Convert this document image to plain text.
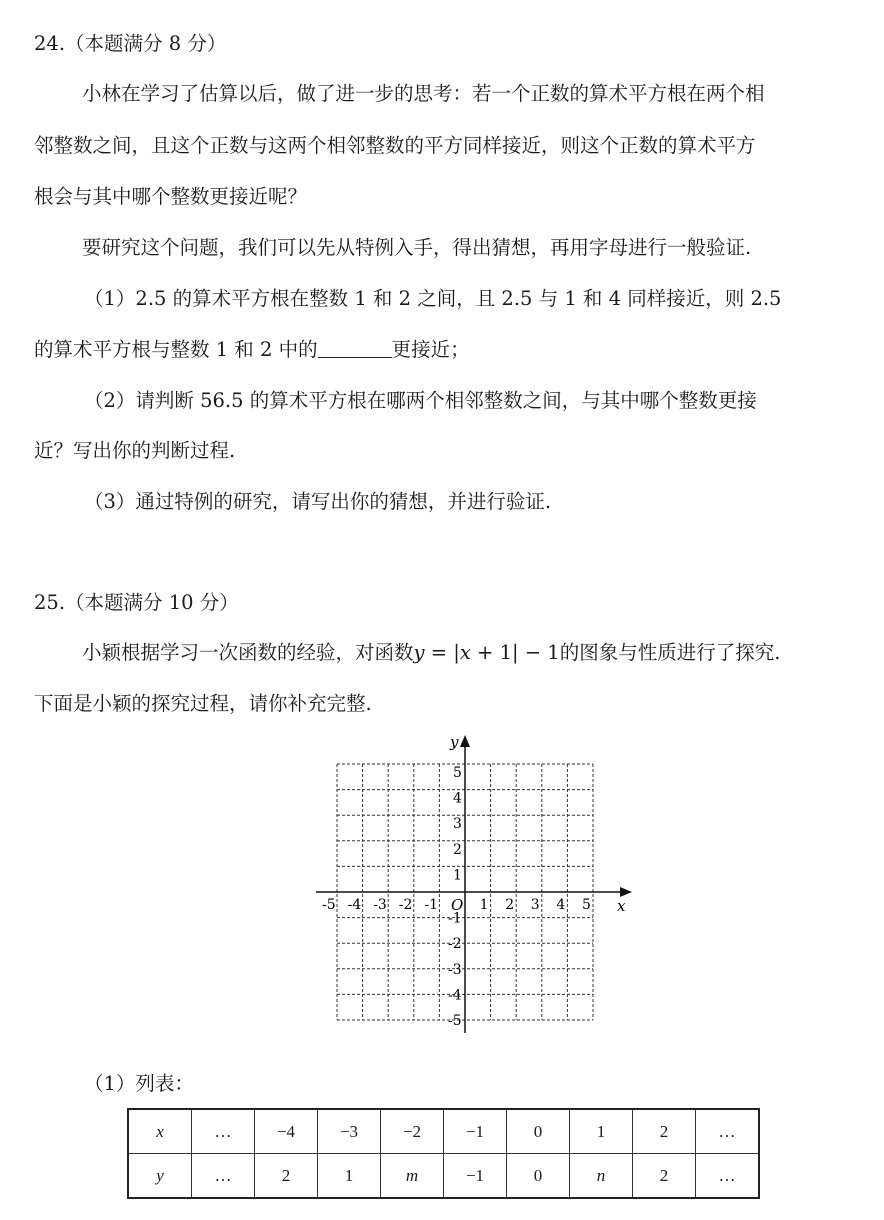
24.（本题满分 8 分）
小林在学习了估算以后，做了进一步的思考：若一个正数的算术平方根在两个相
邻整数之间，且这个正数与这两个相邻整数的平方同样接近，则这个正数的算术平方
根会与其中哪个整数更接近呢？
要研究这个问题，我们可以先从特例入手，得出猜想，再用字母进行一般验证.
（1）2.5 的算术平方根在整数 1 和 2 之间，且 2.5 与 1 和 4 同样接近，则 2.5
的算术平方根与整数 1 和 2 中的	更接近；
（2）请判断 56.5 的算术平方根在哪两个相邻整数之间，与其中哪个整数更接
近？写出你的判断过程.
（3）通过特例的研究，请写出你的猜想，并进行验证.
25.（本题满分 10 分）
小颖根据学习一次函数的经验，对函数y = |x + 1| − 1的图象与性质进行了探究.
下面是小颖的探究过程，请你补充完整.
x
y
O
-5 -4 -3 -2 -1	1 2 3 4 5
5
4
3
2
1
-1
-2
-3
-4
-5
（1）列表：
x	…	−4	−3	−2	−1	0	1	2	…
y	…	2	1	m	−1	0	n	2	…
